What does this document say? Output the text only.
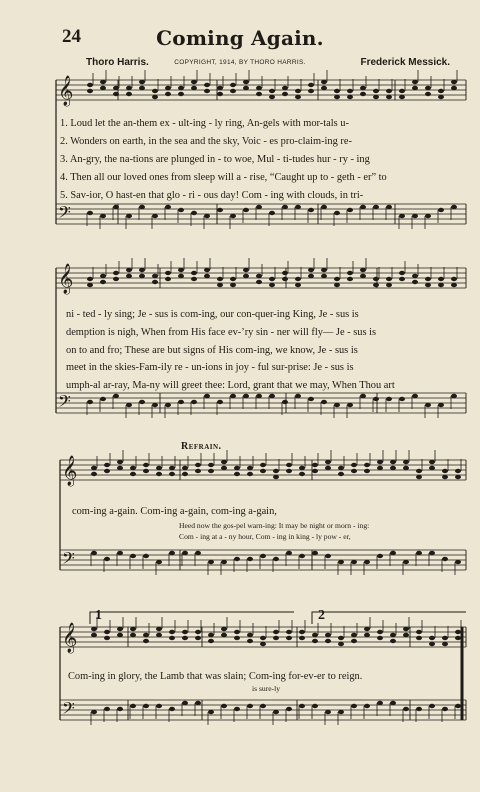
24	Coming Again.
Thoro Harris.	COPYRIGHT, 1914, BY THORO HARRIS.	Frederick Messick.
𝄞
𝄢
𝄞
𝄢
𝄞
𝄢
𝄞
𝄢
1. Loud let the an-them ex - ult-ing - ly ring, An-gels with mor-tals u-
2. Wonders on earth, in the sea and the sky, Voic - es pro-claim-ing re-
3. An-gry, the na-tions are plunged in - to woe, Mul - ti-tudes hur - ry - ing
4. Then all our loved ones from sleep will a - rise, “Caught up to - geth - er” to
5. Sav-ior, O hast-en that glo - ri - ous day! Com - ing with clouds, in tri-
ni - ted - ly sing; Je - sus is com-ing, our con-quer-ing King, Je - sus is
demption is nigh, When from His face ev-’ry sin - ner will fly— Je - sus is
on to and fro; These are but signs of His com-ing, we know, Je - sus is
meet in the skies-Fam-ily re - un-ions in joy - ful sur-prise: Je - sus is
umph-al ar-ray, Ma-ny will greet thee: Lord, grant that we may, When Thou art
Refrain.
com-ing a-gain. Com-ing a-gain, com-ing a-gain,
Heed now the gos-pel warn-ing: It may be night or morn - ing:
Com - ing at a - ny hour, Com - ing in king - ly pow - er,
1	2
Com-ing in glory, the Lamb that was slain; Com-ing for-ev-er to reign.
is sure-ly
